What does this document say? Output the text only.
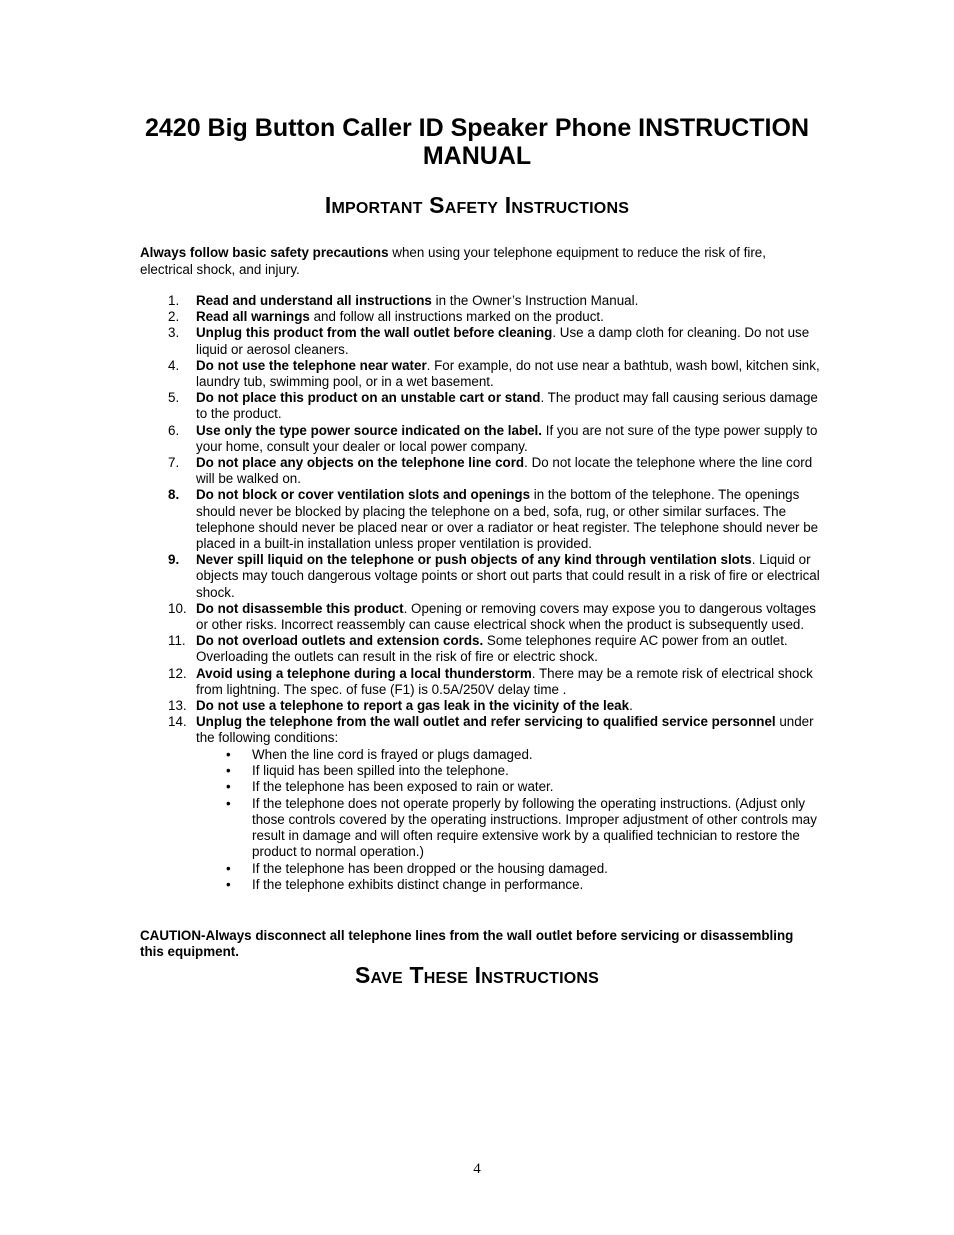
2420 Big Button Caller ID Speaker Phone INSTRUCTION MANUAL
Important Safety Instructions
Always follow basic safety precautions when using your telephone equipment to reduce the risk of fire, electrical shock, and injury.
1.	Read and understand all instructions in the Owner’s Instruction Manual.
2.	Read all warnings and follow all instructions marked on the product.
3.	Unplug this product from the wall outlet before cleaning. Use a damp cloth for cleaning. Do not use liquid or aerosol cleaners.
4.	Do not use the telephone near water. For example, do not use near a bathtub, wash bowl, kitchen sink, laundry tub, swimming pool, or in a wet basement.
5.	Do not place this product on an unstable cart or stand. The product may fall causing serious damage to the product.
6.	Use only the type power source indicated on the label. If you are not sure of the type power supply to your home, consult your dealer or local power company.
7.	Do not place any objects on the telephone line cord. Do not locate the telephone where the line cord will be walked on.
8.	Do not block or cover ventilation slots and openings in the bottom of the telephone. The openings should never be blocked by placing the telephone on a bed, sofa, rug, or other similar surfaces. The telephone should never be placed near or over a radiator or heat register. The telephone should never be placed in a built-in installation unless proper ventilation is provided.
9.	Never spill liquid on the telephone or push objects of any kind through ventilation slots. Liquid or objects may touch dangerous voltage points or short out parts that could result in a risk of fire or electrical shock.
10. Do not disassemble this product. Opening or removing covers may expose you to dangerous voltages or other risks. Incorrect reassembly can cause electrical shock when the product is subsequently used.
11. Do not overload outlets and extension cords. Some telephones require AC power from an outlet. Overloading the outlets can result in the risk of fire or electric shock.
12. Avoid using a telephone during a local thunderstorm. There may be a remote risk of electrical shock from lightning. The spec. of fuse (F1) is 0.5A/250V delay time .
13. Do not use a telephone to report a gas leak in the vicinity of the leak.
14. Unplug the telephone from the wall outlet and refer servicing to qualified service personnel under the following conditions:
• When the line cord is frayed or plugs damaged.
• If liquid has been spilled into the telephone.
• If the telephone has been exposed to rain or water.
• If the telephone does not operate properly by following the operating instructions. (Adjust only those controls covered by the operating instructions. Improper adjustment of other controls may result in damage and will often require extensive work by a qualified technician to restore the product to normal operation.)
• If the telephone has been dropped or the housing damaged.
• If the telephone exhibits distinct change in performance.
CAUTION-Always disconnect all telephone lines from the wall outlet before servicing or disassembling this equipment.
Save These Instructions
4
